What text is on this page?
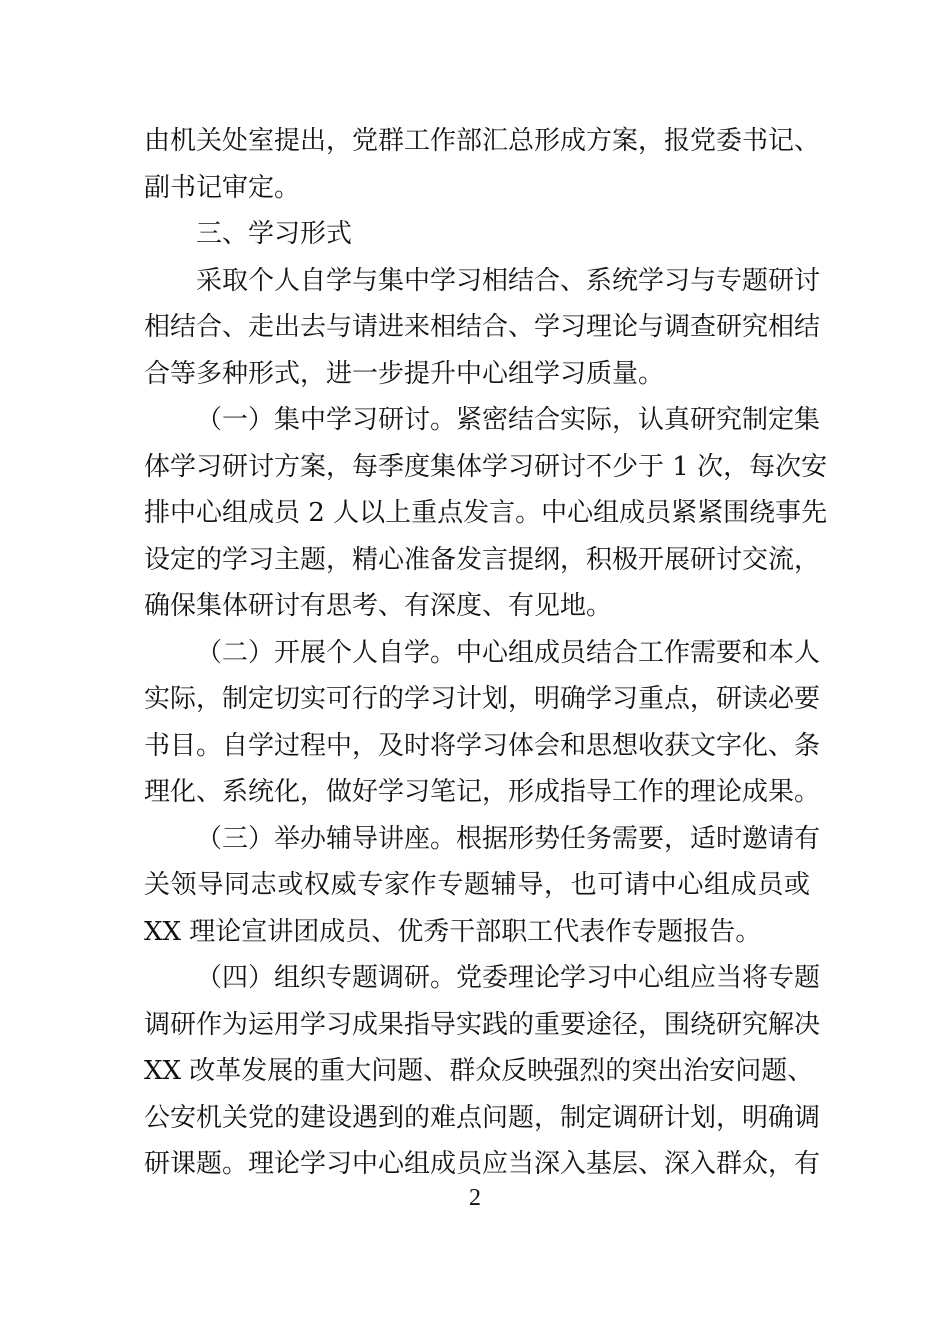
由机关处室提出，党群工作部汇总形成方案，报党委书记、
副书记审定。
三、学习形式
采取个人自学与集中学习相结合、系统学习与专题研讨
相结合、走出去与请进来相结合、学习理论与调查研究相结
合等多种形式，进一步提升中心组学习质量。
（一）集中学习研讨。紧密结合实际，认真研究制定集
体学习研讨方案，每季度集体学习研讨不少于 1 次，每次安
排中心组成员 2 人以上重点发言。中心组成员紧紧围绕事先
设定的学习主题，精心准备发言提纲，积极开展研讨交流，
确保集体研讨有思考、有深度、有见地。
（二）开展个人自学。中心组成员结合工作需要和本人
实际，制定切实可行的学习计划，明确学习重点，研读必要
书目。自学过程中，及时将学习体会和思想收获文字化、条
理化、系统化，做好学习笔记，形成指导工作的理论成果。
（三）举办辅导讲座。根据形势任务需要，适时邀请有
关领导同志或权威专家作专题辅导，也可请中心组成员或
XX 理论宣讲团成员、优秀干部职工代表作专题报告。
（四）组织专题调研。党委理论学习中心组应当将专题
调研作为运用学习成果指导实践的重要途径，围绕研究解决
XX 改革发展的重大问题、群众反映强烈的突出治安问题、
公安机关党的建设遇到的难点问题，制定调研计划，明确调
研课题。理论学习中心组成员应当深入基层、深入群众，有
2
